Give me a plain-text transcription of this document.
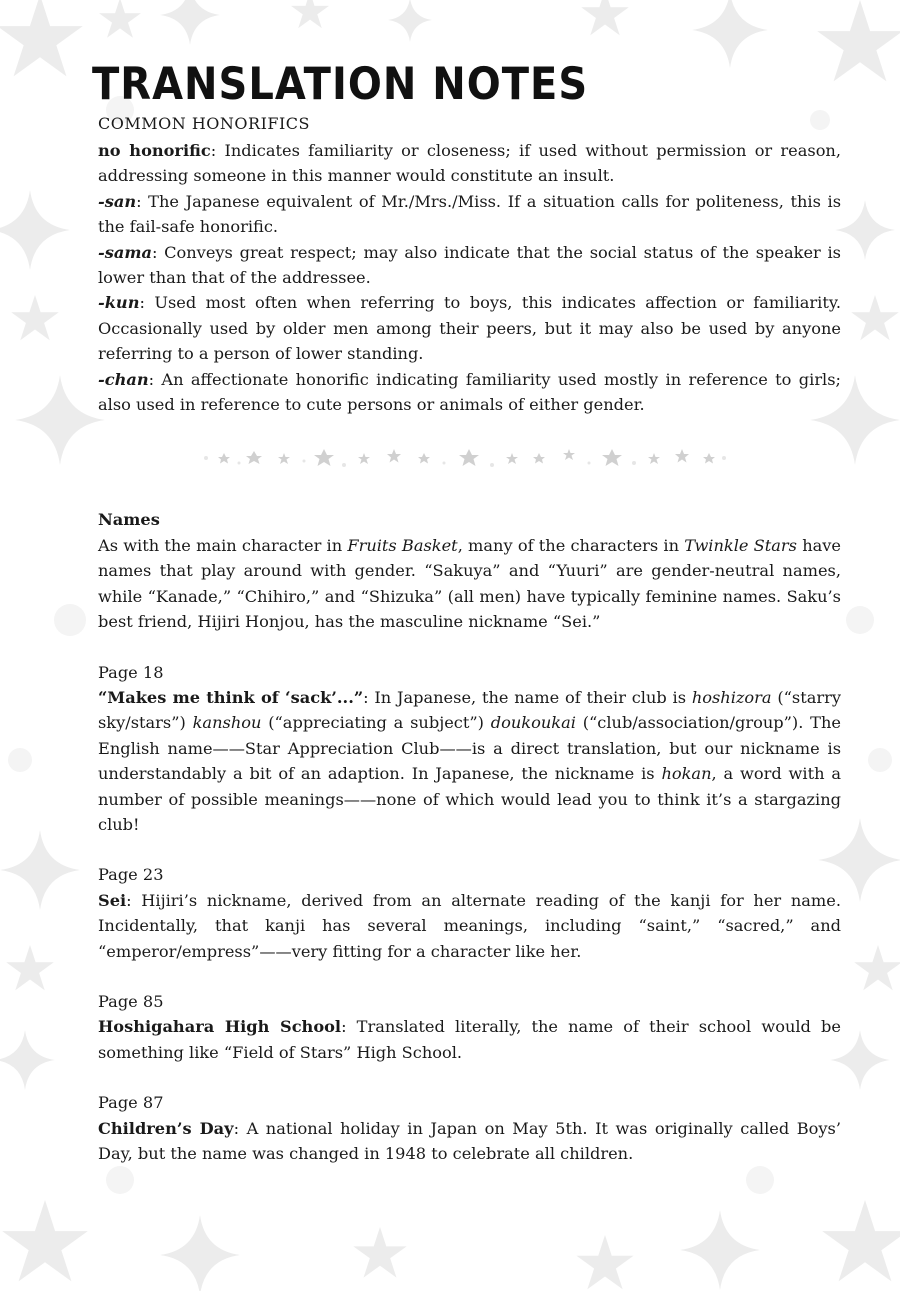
TRANSLATION NOTES
COMMON HONORIFICS

no honorific: Indicates familiarity or closeness; if used without permission or reason, addressing someone in this manner would constitute an insult.

-san: The Japanese equivalent of Mr./Mrs./Miss. If a situation calls for politeness, this is the fail-safe honorific.

-sama: Conveys great respect; may also indicate that the social status of the speaker is lower than that of the addressee.

-kun: Used most often when referring to boys, this indicates affection or familiarity. Occasionally used by older men among their peers, but it may also be used by anyone referring to a person of lower standing.

-chan: An affectionate honorific indicating familiarity used mostly in reference to girls; also used in reference to cute persons or animals of either gender.

Names

As with the main character in Fruits Basket, many of the characters in Twinkle Stars have names that play around with gender. “Sakuya” and “Yuuri” are gender-neutral names, while “Kanade,” “Chihiro,” and “Shizuka” (all men) have typically feminine names. Saku’s best friend, Hijiri Honjou, has the masculine nickname “Sei.”

Page 18

“Makes me think of ‘sack’...”: In Japanese, the name of their club is hoshizora (“starry sky/stars”) kanshou (“appreciating a subject”) doukoukai (“club/association/group”). The English name——Star Appreciation Club——is a direct translation, but our nickname is understandably a bit of an adaption. In Japanese, the nickname is hokan, a word with a number of possible meanings——none of which would lead you to think it’s a stargazing club!

Page 23

Sei: Hijiri’s nickname, derived from an alternate reading of the kanji for her name. Incidentally, that kanji has several meanings, including “saint,” “sacred,” and “emperor/empress”——very fitting for a character like her.

Page 85

Hoshigahara High School: Translated literally, the name of their school would be something like “Field of Stars” High School.

Page 87

Children’s Day: A national holiday in Japan on May 5th. It was originally called Boys’ Day, but the name was changed in 1948 to celebrate all children.
